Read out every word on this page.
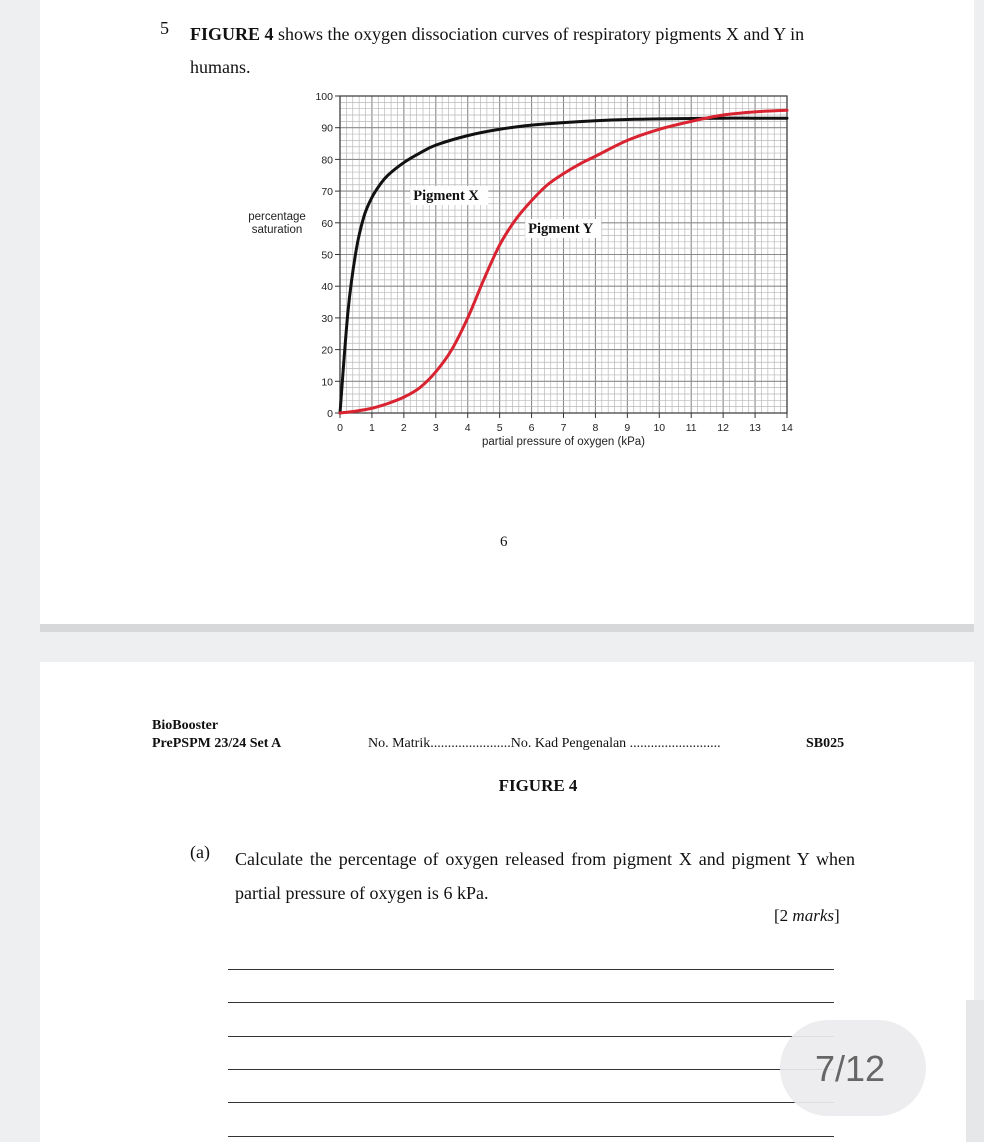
5 FIGURE 4 shows the oxygen dissociation curves of respiratory pigments X and Y in humans.
0
10
20
30
40
50
60
70
80
90
100
0 1 2 3 4 5 6 7 8 9 10 11 12 13 14
partial pressure of oxygen (kPa)
percentage
saturation
Pigment X
Pigment Y
6
BioBooster
PrePSPM 23/24 Set A	No. Matrik.......................No. Kad Pengenalan ..........................	SB025
FIGURE 4
(a) Calculate the percentage of oxygen released from pigment X and pigment Y when partial pressure of oxygen is 6 kPa.
[2 marks]
7/12
